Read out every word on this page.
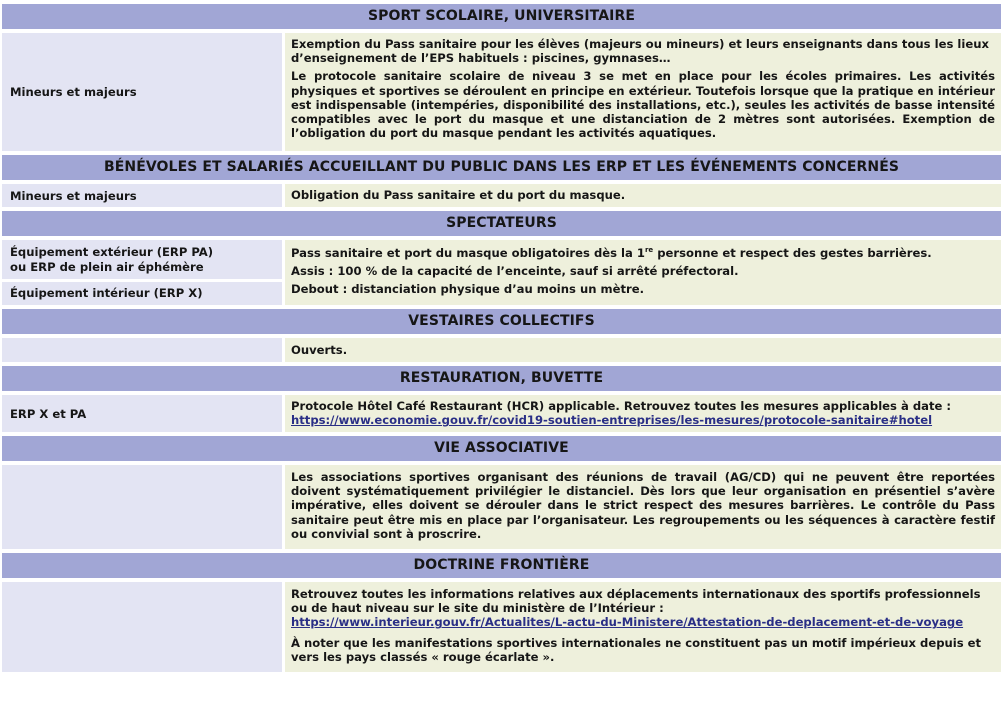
SPORT SCOLAIRE, UNIVERSITAIRE
Mineurs et majeurs

Exemption du Pass sanitaire pour les élèves (majeurs ou mineurs) et leurs enseignants dans tous les lieux d’enseignement de l’EPS habituels : piscines, gymnases…

Le protocole sanitaire scolaire de niveau 3 se met en place pour les écoles primaires. Les activités physiques et sportives se déroulent en principe en extérieur. Toutefois lorsque que la pratique en intérieur est indispensable (intempéries, disponibilité des installations, etc.), seules les activités de basse intensité compatibles avec le port du masque et une distanciation de 2 mètres sont autorisées. Exemption de l’obligation du port du masque pendant les activités aquatiques.

BÉNÉVOLES ET SALARIÉS ACCUEILLANT DU PUBLIC DANS LES ERP ET LES ÉVÉNEMENTS CONCERNÉS
Mineurs et majeurs	Obligation du Pass sanitaire et du port du masque.

SPECTATEURS
Équipement extérieur (ERP PA)
ou ERP de plein air éphémère
Équipement intérieur (ERP X)

Pass sanitaire et port du masque obligatoires dès la 1re personne et respect des gestes barrières.

Assis : 100 % de la capacité de l’enceinte, sauf si arrêté préfectoral.

Debout : distanciation physique d’au moins un mètre.

VESTAIRES COLLECTIFS

Ouverts.

RESTAURATION, BUVETTE
ERP X et PA

Protocole Hôtel Café Restaurant (HCR) applicable. Retrouvez toutes les mesures applicables à date :

https://www.economie.gouv.fr/covid19-soutien-entreprises/les-mesures/protocole-sanitaire#hotel

VIE ASSOCIATIVE

Les associations sportives organisant des réunions de travail (AG/CD) qui ne peuvent être reportées doivent systématiquement privilégier le distanciel. Dès lors que leur organisation en présentiel s’avère impérative, elles doivent se dérouler dans le strict respect des mesures barrières. Le contrôle du Pass sanitaire peut être mis en place par l’organisateur. Les regroupements ou les séquences à caractère festif ou convivial sont à proscrire.

DOCTRINE FRONTIÈRE

Retrouvez toutes les informations relatives aux déplacements internationaux des sportifs professionnels ou de haut niveau sur le site du ministère de l’Intérieur :

https://www.interieur.gouv.fr/Actualites/L-actu-du-Ministere/Attestation-de-deplacement-et-de-voyage

À noter que les manifestations sportives internationales ne constituent pas un motif impérieux depuis et vers les pays classés « rouge écarlate ».
